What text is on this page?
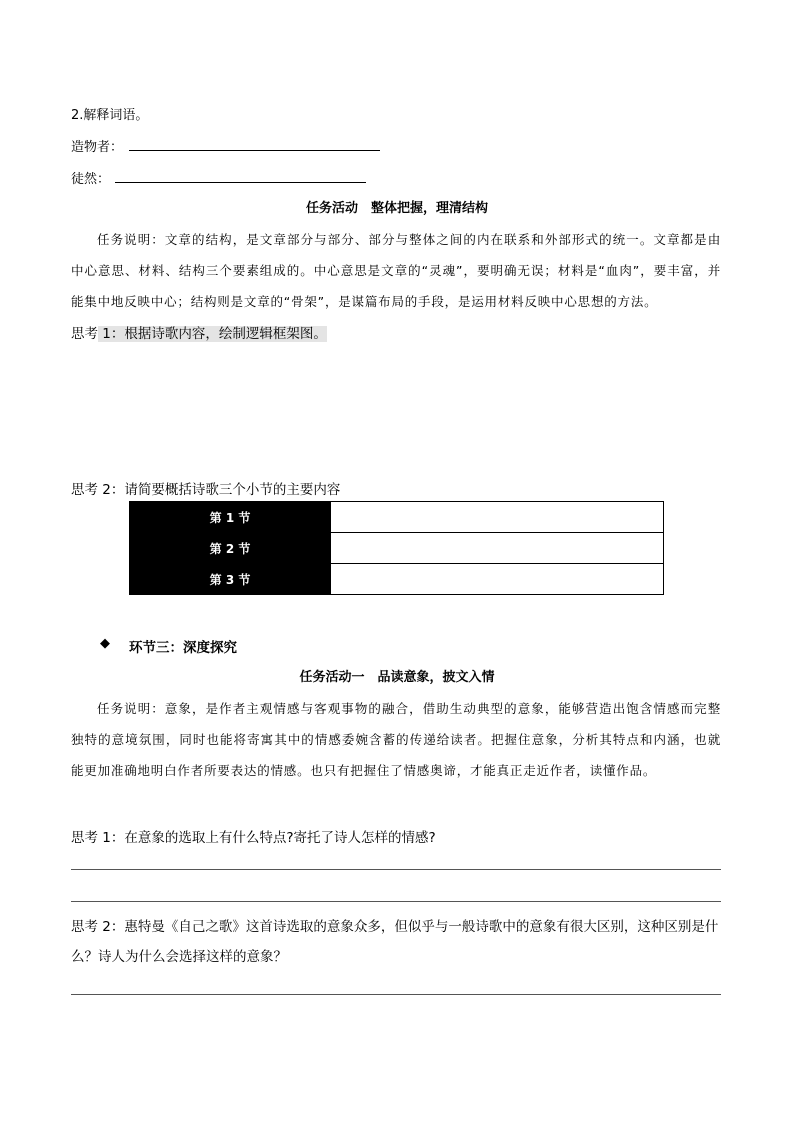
2.解释词语。
造物者：
徒然：
任务活动　整体把握，理清结构
任务说明：文章的结构，是文章部分与部分、部分与整体之间的内在联系和外部形式的统一。文章都是由中心意思、材料、结构三个要素组成的。中心意思是文章的“灵魂”，要明确无误；材料是“血肉”，要丰富，并能集中地反映中心；结构则是文章的“骨架”，是谋篇布局的手段，是运用材料反映中心思想的方法。
思考 1：根据诗歌内容，绘制逻辑框架图。
思考 2：请简要概括诗歌三个小节的主要内容
第 1 节	
第 2 节	
第 3 节	
◆ 环节三：深度探究
任务活动一　品读意象，披文入情
任务说明：意象，是作者主观情感与客观事物的融合，借助生动典型的意象，能够营造出饱含情感而完整独特的意境氛围，同时也能将寄寓其中的情感委婉含蓄的传递给读者。把握住意象，分析其特点和内涵，也就能更加准确地明白作者所要表达的情感。也只有把握住了情感奥谛，才能真正走近作者，读懂作品。
思考 1：在意象的选取上有什么特点?寄托了诗人怎样的情感?
思考 2：惠特曼《自己之歌》这首诗选取的意象众多，但似乎与一般诗歌中的意象有很大区别，这种区别是什么？诗人为什么会选择这样的意象？
